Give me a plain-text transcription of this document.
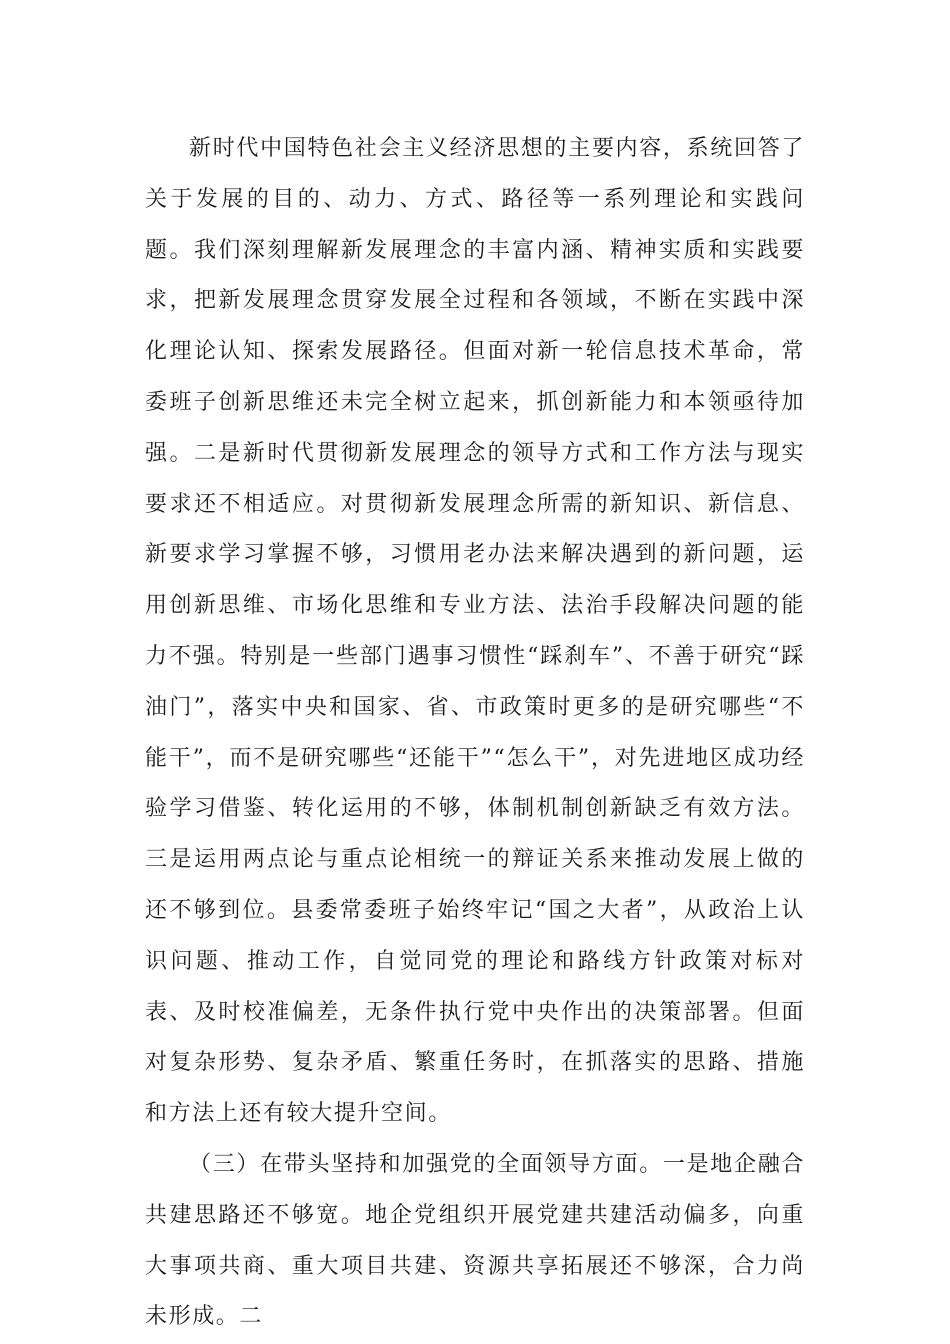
新时代中国特色社会主义经济思想的主要内容，系统回答了关于发展的目的、动力、方式、路径等一系列理论和实践问题。我们深刻理解新发展理念的丰富内涵、精神实质和实践要求，把新发展理念贯穿发展全过程和各领域，不断在实践中深化理论认知、探索发展路径。但面对新一轮信息技术革命，常委班子创新思维还未完全树立起来，抓创新能力和本领亟待加强。二是新时代贯彻新发展理念的领导方式和工作方法与现实要求还不相适应。对贯彻新发展理念所需的新知识、新信息、新要求学习掌握不够，习惯用老办法来解决遇到的新问题，运用创新思维、市场化思维和专业方法、法治手段解决问题的能力不强。特别是一些部门遇事习惯性“踩刹车”、不善于研究“踩油门”，落实中央和国家、省、市政策时更多的是研究哪些“不能干”，而不是研究哪些“还能干”“怎么干”，对先进地区成功经验学习借鉴、转化运用的不够，体制机制创新缺乏有效方法。三是运用两点论与重点论相统一的辩证关系来推动发展上做的还不够到位。县委常委班子始终牢记“国之大者”，从政治上认识问题、推动工作，自觉同党的理论和路线方针政策对标对表、及时校准偏差，无条件执行党中央作出的决策部署。但面对复杂形势、复杂矛盾、繁重任务时，在抓落实的思路、措施和方法上还有较大提升空间。

（三）在带头坚持和加强党的全面领导方面。一是地企融合共建思路还不够宽。地企党组织开展党建共建活动偏多，向重大事项共商、重大项目共建、资源共享拓展还不够深，合力尚未形成。二
